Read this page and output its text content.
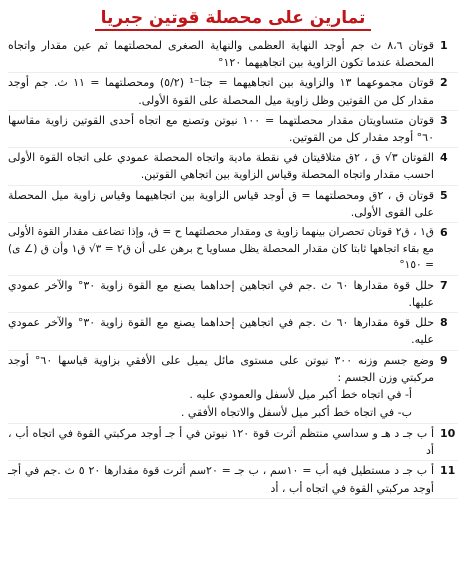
تمارين على محصلة قوتين جبريا
1
قوتان ٨،٦ ث جم أوجد النهاية العظمى والنهاية الصغرى لمحصلتهما ثم عين مقدار واتجاه المحصلة عندما تكون الزاوية بين اتجاهيهما ١٢٠°
2
قوتان مجموعهما ١٣ والزاوية بين اتجاهيهما = جتا⁻¹ (٥/٢) ومحصلتهما = ١١ ث. جم أوجد مقدار كل من القوتين وظل زاوية ميل المحصلة على القوة الأولى.
3
قوتان متساويتان مقدار محصلتهما = ١٠٠ نيوتن وتصنع مع اتجاه أحدى القوتين زاوية مقاسها ٦٠° أوجد مقدار كل من القوتين.
4
القوتان ٣√ ق ، ٢ق متلاقيتان في نقطة مادية واتجاه المحصلة عمودي على اتجاه القوة الأولى احسب مقدار واتجاه المحصلة وقياس الزاوية بين اتجاهي القوتين.
5
قوتان ق ، ٢ق ومحصلتهما = ق أوجد قياس الزاوية بين اتجاهيهما وقياس زاوية ميل المحصلة على القوى الأولى.
6
ق١ ، ق٢ قوتان تحصران بينهما زاوية ى ومقدار محصلتهما ح = ق، وإذا تضاعف مقدار القوة الأولى مع بقاء اتجاهها ثابتا كان مقدار المحصلة يظل مساويا ح برهن على أن ق٢ = ٣√ ق١ وأن ق (∠ ى) = ١٥٠°
7
حلل قوة مقدارها ٦٠ ث .جم في اتجاهين إحداهما يصنع مع القوة زاوية ٣٠° والآخر عمودي عليها.
8
حلل قوة مقدارها ٦٠ ث .جم في اتجاهين إحداهما يصنع مع القوة زاوية ٣٠° والآخر عمودي عليه.
9
وضع جسم وزنه ٣٠٠ نيوتن على مستوى مائل يميل على الأفقي بزاوية قياسها ٦٠° أوجد مركبتي وزن الجسم :
أ- في اتجاه خط أكبر ميل لأسفل والعمودي عليه .
ب- في اتجاه خط أكبر ميل لأسفل والاتجاه الأفقي .
10
أ ب جـ د هـ و سداسي منتظم أثرت قوة ١٢٠ نيوتن في أ جـ أوجد مركبتي القوة في اتجاه أب ، أد
11
أ ب جـ د مستطيل فيه أب = ١٠سم ، ب جـ = ٢٠سم أثرت قوة مقدارها ٢٠ ٥ ث .جم في أجـ أوجد مركبتي القوة في اتجاه أب ، أد
